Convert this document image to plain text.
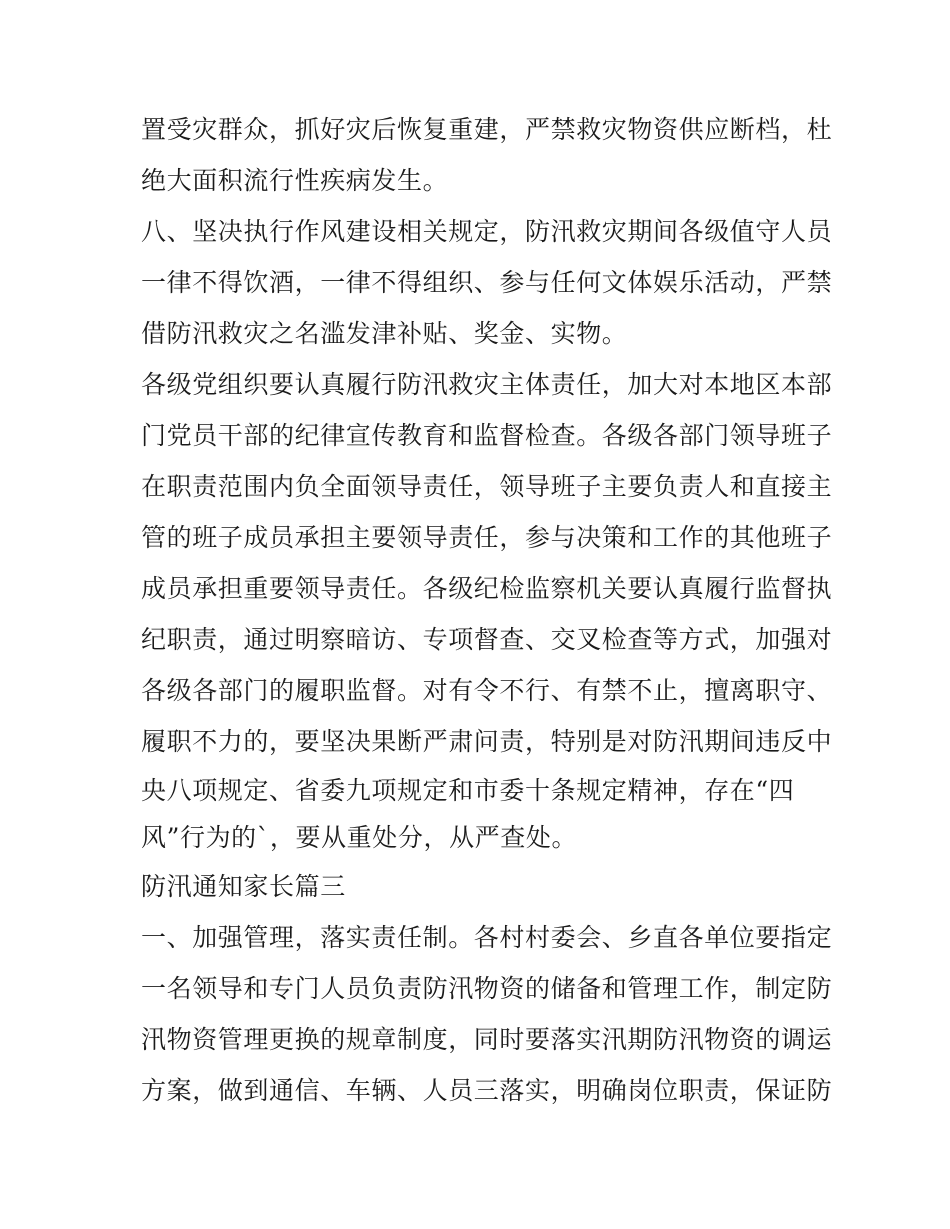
置受灾群众，抓好灾后恢复重建，严禁救灾物资供应断档，杜
绝大面积流行性疾病发生。
八、坚决执行作风建设相关规定，防汛救灾期间各级值守人员
一律不得饮酒，一律不得组织、参与任何文体娱乐活动，严禁
借防汛救灾之名滥发津补贴、奖金、实物。
各级党组织要认真履行防汛救灾主体责任，加大对本地区本部
门党员干部的纪律宣传教育和监督检查。各级各部门领导班子
在职责范围内负全面领导责任，领导班子主要负责人和直接主
管的班子成员承担主要领导责任，参与决策和工作的其他班子
成员承担重要领导责任。各级纪检监察机关要认真履行监督执
纪职责，通过明察暗访、专项督查、交叉检查等方式，加强对
各级各部门的履职监督。对有令不行、有禁不止，擅离职守、
履职不力的，要坚决果断严肃问责，特别是对防汛期间违反中
央八项规定、省委九项规定和市委十条规定精神，存在“四
风”行为的`，要从重处分，从严查处。
防汛通知家长篇三
一、加强管理，落实责任制。各村村委会、乡直各单位要指定
一名领导和专门人员负责防汛物资的储备和管理工作，制定防
汛物资管理更换的规章制度，同时要落实汛期防汛物资的调运
方案，做到通信、车辆、人员三落实，明确岗位职责，保证防
